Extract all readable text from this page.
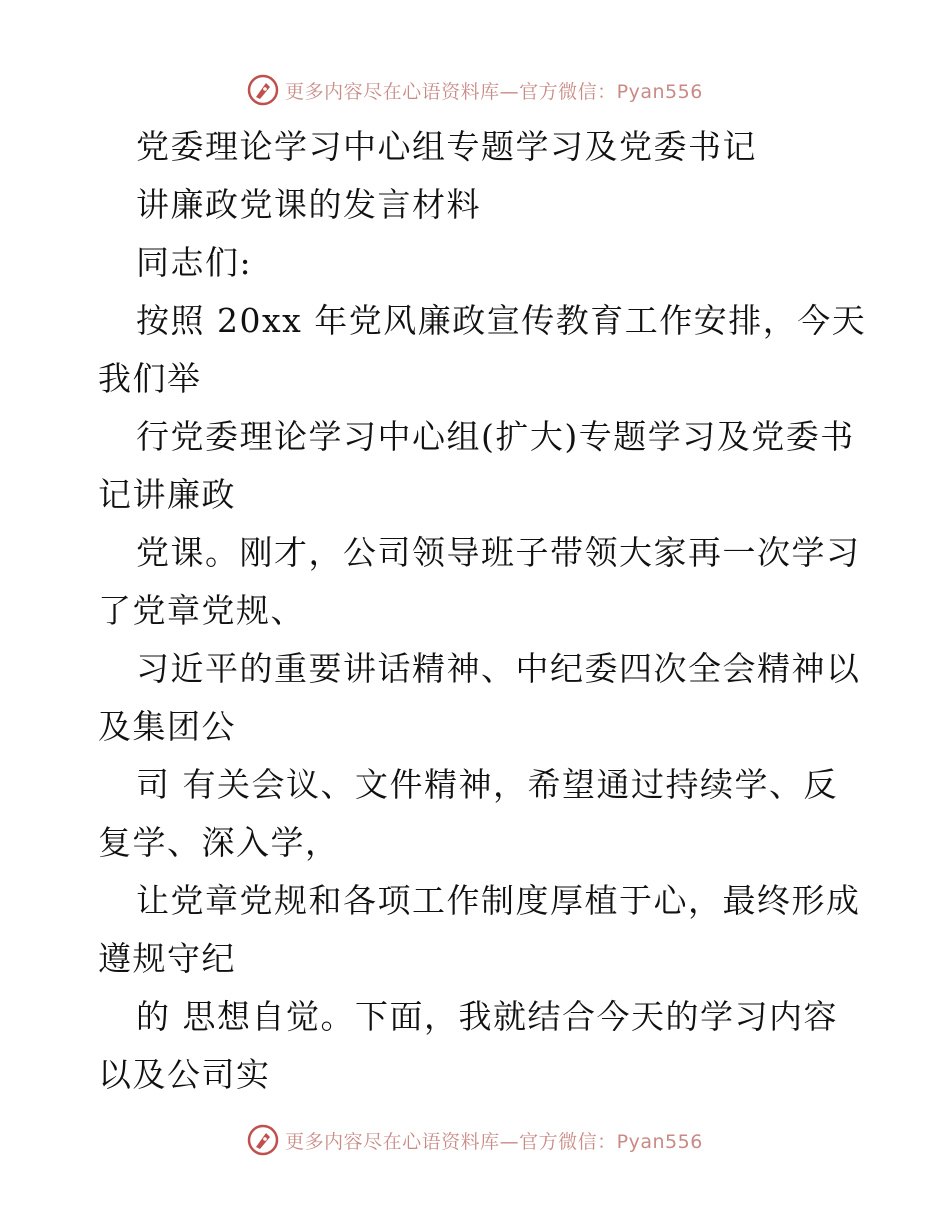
更多内容尽在心语资料库—官方微信：Pyan556
党委理论学习中心组专题学习及党委书记
讲廉政党课的发言材料
同志们:
按照 20xx 年党风廉政宣传教育工作安排，今天
我们举
行党委理论学习中心组(扩大)专题学习及党委书
记讲廉政
党课。刚才，公司领导班子带领大家再一次学习
了党章党规、
习近平的重要讲话精神、中纪委四次全会精神以
及集团公
司 有关会议、文件精神，希望通过持续学、反
复学、深入学，
让党章党规和各项工作制度厚植于心，最终形成
遵规守纪
的 思想自觉。下面，我就结合今天的学习内容
以及公司实
更多内容尽在心语资料库—官方微信：Pyan556
